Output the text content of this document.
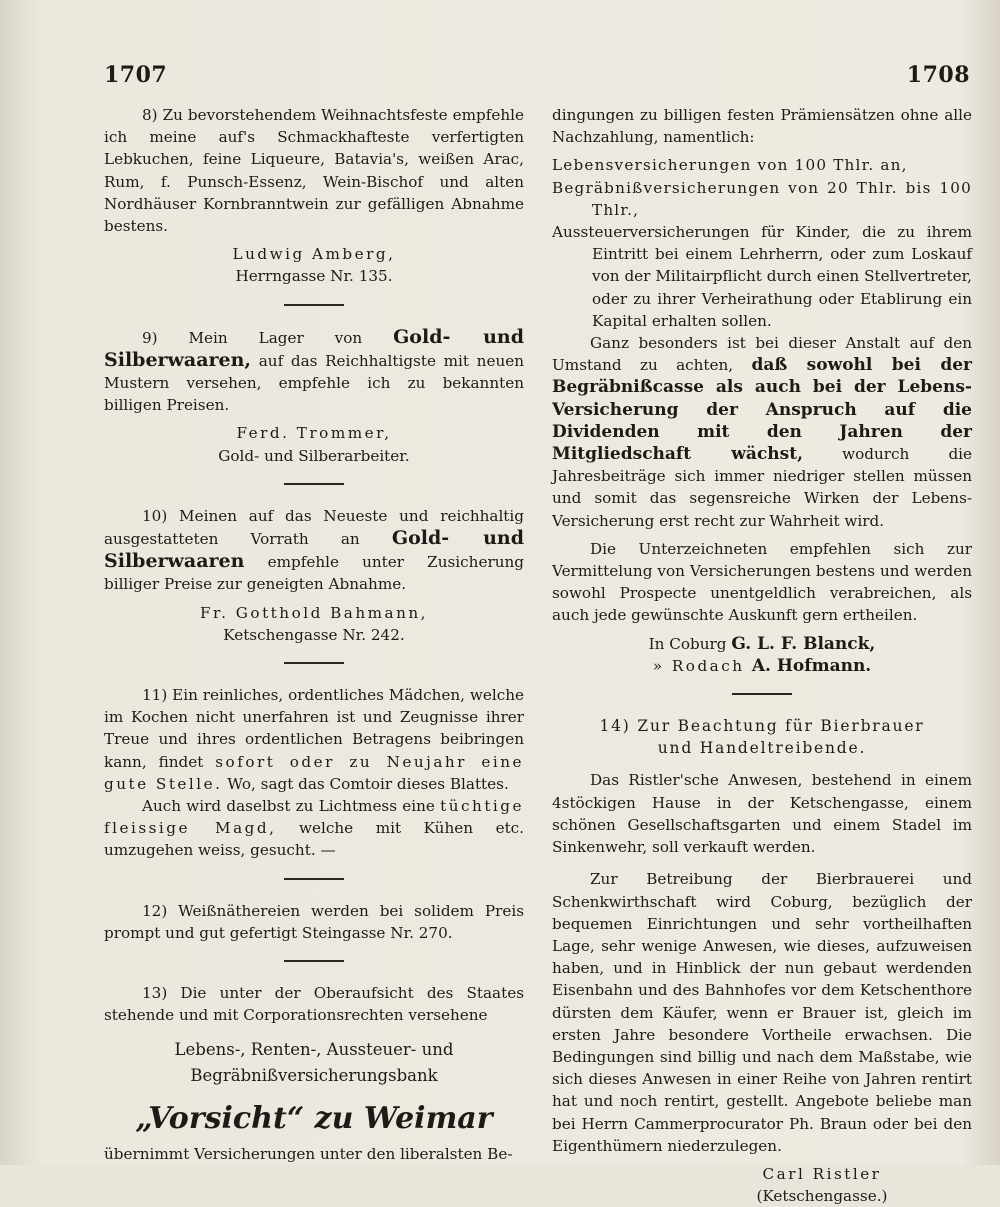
1707	1708

8) Zu bevorstehendem Weihnachtsfeste empfehle ich meine auf's Schmackhafteste verfertigten Lebkuchen, feine Liqueure, Batavia's, weißen Arac, Rum, f. Punsch-Essenz, Wein-Bischof und alten Nordhäuser Kornbranntwein zur gefälligen Abnahme bestens.

Ludwig Amberg,

Herrngasse Nr. 135.

9) Mein Lager von Gold- und Silberwaaren, auf das Reichhaltigste mit neuen Mustern versehen, empfehle ich zu bekannten billigen Preisen.

Ferd. Trommer,

Gold- und Silberarbeiter.

10) Meinen auf das Neueste und reichhaltig ausgestatteten Vorrath an Gold- und Silberwaaren empfehle unter Zusicherung billiger Preise zur geneigten Abnahme.

Fr. Gotthold Bahmann,

Ketschengasse Nr. 242.

11) Ein reinliches, ordentliches Mädchen, welche im Kochen nicht unerfahren ist und Zeugnisse ihrer Treue und ihres ordentlichen Betragens beibringen kann, findet sofort oder zu Neujahr eine gute Stelle. Wo, sagt das Comtoir dieses Blattes.

Auch wird daselbst zu Lichtmess eine tüchtige fleissige Magd, welche mit Kühen etc. umzugehen weiss, gesucht. —

12) Weißnäthereien werden bei solidem Preis prompt und gut gefertigt Steingasse Nr. 270.

13) Die unter der Oberaufsicht des Staates stehende und mit Corporationsrechten versehene

Lebens-, Renten-, Aussteuer- und Begräbnißversicherungsbank

„Vorsicht“ zu Weimar

übernimmt Versicherungen unter den liberalsten Be-

dingungen zu billigen festen Prämiensätzen ohne alle Nachzahlung, namentlich:

Lebensversicherungen von 100 Thlr. an,

Begräbnißversicherungen von 20 Thlr. bis 100 Thlr.,

Aussteuerversicherungen für Kinder, die zu ihrem Eintritt bei einem Lehrherrn, oder zum Loskauf von der Militairpflicht durch einen Stellvertreter, oder zu ihrer Verheirathung oder Etablirung ein Kapital erhalten sollen.

Ganz besonders ist bei dieser Anstalt auf den Umstand zu achten, daß sowohl bei der Begräbnißcasse als auch bei der Lebens-Versicherung der Anspruch auf die Dividenden mit den Jahren der Mitgliedschaft wächst, wodurch die Jahresbeiträge sich immer niedriger stellen müssen und somit das segensreiche Wirken der Lebens-Versicherung erst recht zur Wahrheit wird.

Die Unterzeichneten empfehlen sich zur Vermittelung von Versicherungen bestens und werden sowohl Prospecte unentgeldlich verabreichen, als auch jede gewünschte Auskunft gern ertheilen.

In Coburg G. L. F. Blanck,

» Rodach A. Hofmann.

14) Zur Beachtung für Bierbrauer

und Handeltreibende.

Das Ristler'sche Anwesen, bestehend in einem 4stöckigen Hause in der Ketschengasse, einem schönen Gesellschaftsgarten und einem Stadel im Sinkenwehr, soll verkauft werden.

Zur Betreibung der Bierbrauerei und Schenkwirthschaft wird Coburg, bezüglich der bequemen Einrichtungen und sehr vortheilhaften Lage, sehr wenige Anwesen, wie dieses, aufzuweisen haben, und in Hinblick der nun gebaut werdenden Eisenbahn und des Bahnhofes vor dem Ketschenthore dürsten dem Käufer, wenn er Brauer ist, gleich im ersten Jahre besondere Vortheile erwachsen. Die Bedingungen sind billig und nach dem Maßstabe, wie sich dieses Anwesen in einer Reihe von Jahren rentirt hat und noch rentirt, gestellt. Angebote beliebe man bei Herrn Cammerprocurator Ph. Braun oder bei den Eigenthümern niederzulegen.

Carl Ristler

(Ketschengasse.)
